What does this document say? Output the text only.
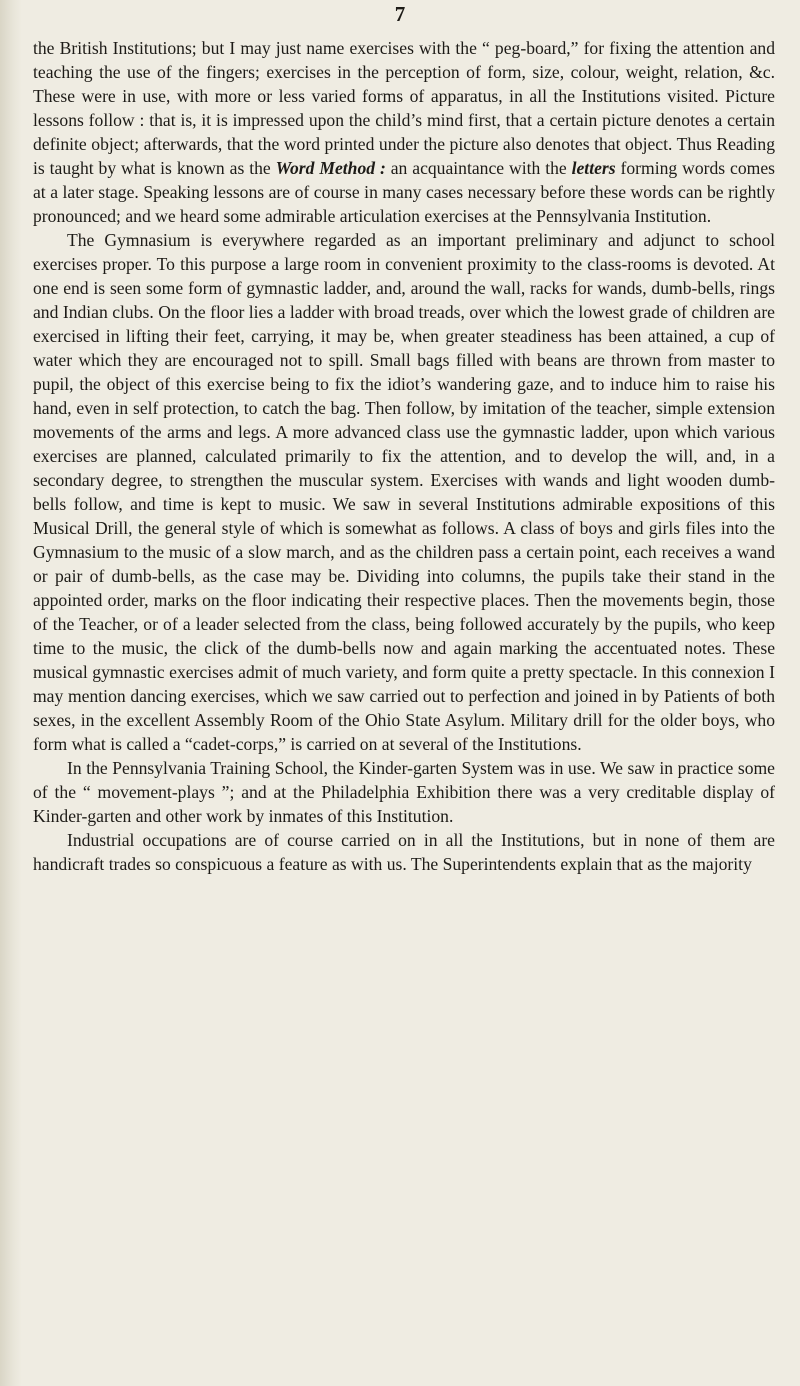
7

the British Institutions; but I may just name exercises with the “ peg-board,” for fixing the attention and teaching the use of the fingers; exercises in the perception of form, size, colour, weight, relation, &c. These were in use, with more or less varied forms of apparatus, in all the Institutions visited. Picture lessons follow : that is, it is impressed upon the child’s mind first, that a certain picture denotes a certain definite object; afterwards, that the word printed under the picture also denotes that object. Thus Reading is taught by what is known as the Word Method : an acquaintance with the letters forming words comes at a later stage. Speaking lessons are of course in many cases necessary before these words can be rightly pronounced; and we heard some admirable articulation exercises at the Pennsylvania Institution.

The Gymnasium is everywhere regarded as an important preliminary and adjunct to school exercises proper. To this purpose a large room in convenient proximity to the class-rooms is devoted. At one end is seen some form of gymnastic ladder, and, around the wall, racks for wands, dumb-bells, rings and Indian clubs. On the floor lies a ladder with broad treads, over which the lowest grade of children are exercised in lifting their feet, carrying, it may be, when greater steadiness has been attained, a cup of water which they are encouraged not to spill. Small bags filled with beans are thrown from master to pupil, the object of this exercise being to fix the idiot’s wandering gaze, and to induce him to raise his hand, even in self protection, to catch the bag. Then follow, by imitation of the teacher, simple extension movements of the arms and legs. A more advanced class use the gymnastic ladder, upon which various exercises are planned, calculated primarily to fix the attention, and to develop the will, and, in a secondary degree, to strengthen the muscular system. Exercises with wands and light wooden dumb-bells follow, and time is kept to music. We saw in several Institutions admirable expositions of this Musical Drill, the general style of which is somewhat as follows. A class of boys and girls files into the Gymnasium to the music of a slow march, and as the children pass a certain point, each receives a wand or pair of dumb-bells, as the case may be. Dividing into columns, the pupils take their stand in the appointed order, marks on the floor indicating their respective places. Then the movements begin, those of the Teacher, or of a leader selected from the class, being followed accurately by the pupils, who keep time to the music, the click of the dumb-bells now and again marking the accentuated notes. These musical gymnastic exercises admit of much variety, and form quite a pretty spectacle. In this connexion I may mention dancing exercises, which we saw carried out to perfection and joined in by Patients of both sexes, in the excellent Assembly Room of the Ohio State Asylum. Military drill for the older boys, who form what is called a “cadet-corps,” is carried on at several of the Institutions.

In the Pennsylvania Training School, the Kinder-garten System was in use. We saw in practice some of the “ movement-plays ”; and at the Philadelphia Exhibition there was a very creditable display of Kinder-garten and other work by inmates of this Institution.

Industrial occupations are of course carried on in all the Institutions, but in none of them are handicraft trades so conspicuous a feature as with us. The Superintendents explain that as the majority
